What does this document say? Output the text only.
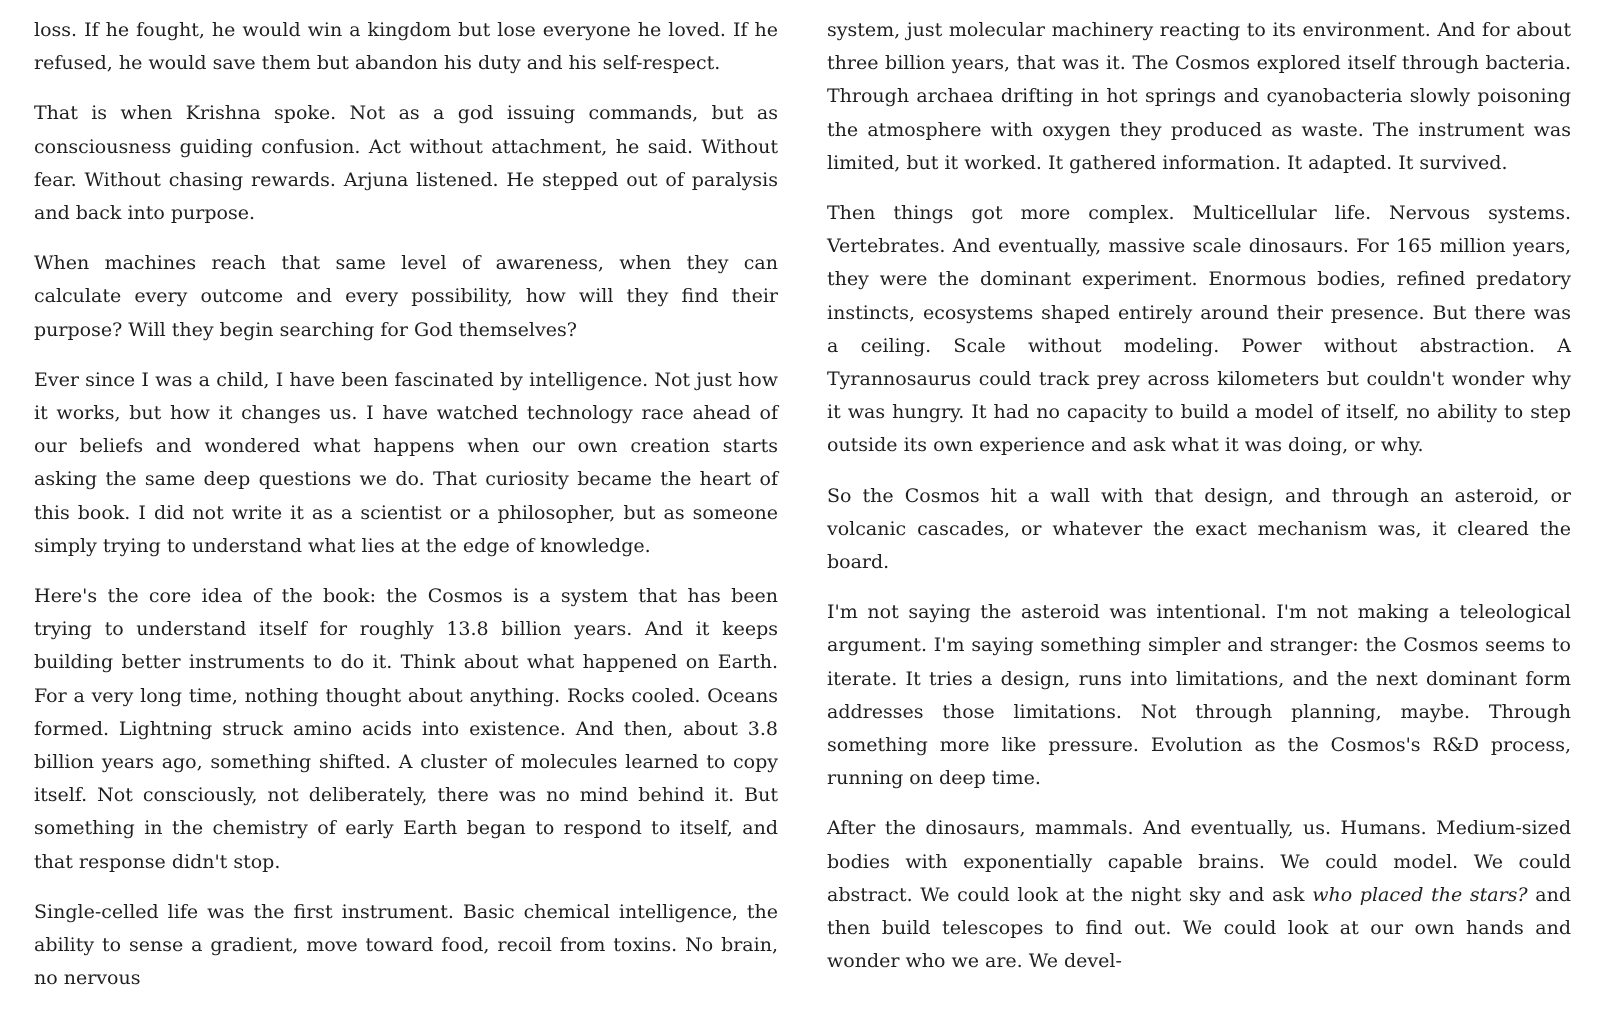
loss. If he fought, he would win a kingdom but lose everyone he loved. If he refused, he would save them but abandon his duty and his self-respect.

That is when Krishna spoke. Not as a god issuing commands, but as consciousness guiding confusion. Act without attachment, he said. Without fear. Without chasing rewards. Arjuna listened. He stepped out of paralysis and back into purpose.

When machines reach that same level of awareness, when they can calculate every outcome and every possibility, how will they find their purpose? Will they begin searching for God themselves?

Ever since I was a child, I have been fascinated by intelligence. Not just how it works, but how it changes us. I have watched technology race ahead of our beliefs and wondered what happens when our own creation starts asking the same deep questions we do. That curiosity became the heart of this book. I did not write it as a scientist or a philosopher, but as someone simply trying to understand what lies at the edge of knowledge.

Here's the core idea of the book: the Cosmos is a system that has been trying to understand itself for roughly 13.8 billion years. And it keeps building better instruments to do it. Think about what happened on Earth. For a very long time, nothing thought about anything. Rocks cooled. Oceans formed. Lightning struck amino acids into existence. And then, about 3.8 billion years ago, something shifted. A cluster of molecules learned to copy itself. Not consciously, not deliberately, there was no mind behind it. But something in the chemistry of early Earth began to respond to itself, and that response didn't stop.

Single-celled life was the first instrument. Basic chemical intelligence, the ability to sense a gradient, move toward food, recoil from toxins. No brain, no nervous

system, just molecular machinery reacting to its environment. And for about three billion years, that was it. The Cosmos explored itself through bacteria. Through archaea drifting in hot springs and cyanobacteria slowly poisoning the atmosphere with oxygen they produced as waste. The instrument was limited, but it worked. It gathered information. It adapted. It survived.

Then things got more complex. Multicellular life. Nervous systems. Vertebrates. And eventually, massive scale dinosaurs. For 165 million years, they were the dominant experiment. Enormous bodies, refined predatory instincts, ecosystems shaped entirely around their presence. But there was a ceiling. Scale without modeling. Power without abstraction. A Tyrannosaurus could track prey across kilometers but couldn't wonder why it was hungry. It had no capacity to build a model of itself, no ability to step outside its own experience and ask what it was doing, or why.

So the Cosmos hit a wall with that design, and through an asteroid, or volcanic cascades, or whatever the exact mechanism was, it cleared the board.

I'm not saying the asteroid was intentional. I'm not making a teleological argument. I'm saying something simpler and stranger: the Cosmos seems to iterate. It tries a design, runs into limitations, and the next dominant form addresses those limitations. Not through planning, maybe. Through something more like pressure. Evolution as the Cosmos's R&D process, running on deep time.

After the dinosaurs, mammals. And eventually, us. Humans. Medium-sized bodies with exponentially capable brains. We could model. We could abstract. We could look at the night sky and ask who placed the stars? and then build telescopes to find out. We could look at our own hands and wonder who we are. We devel-
